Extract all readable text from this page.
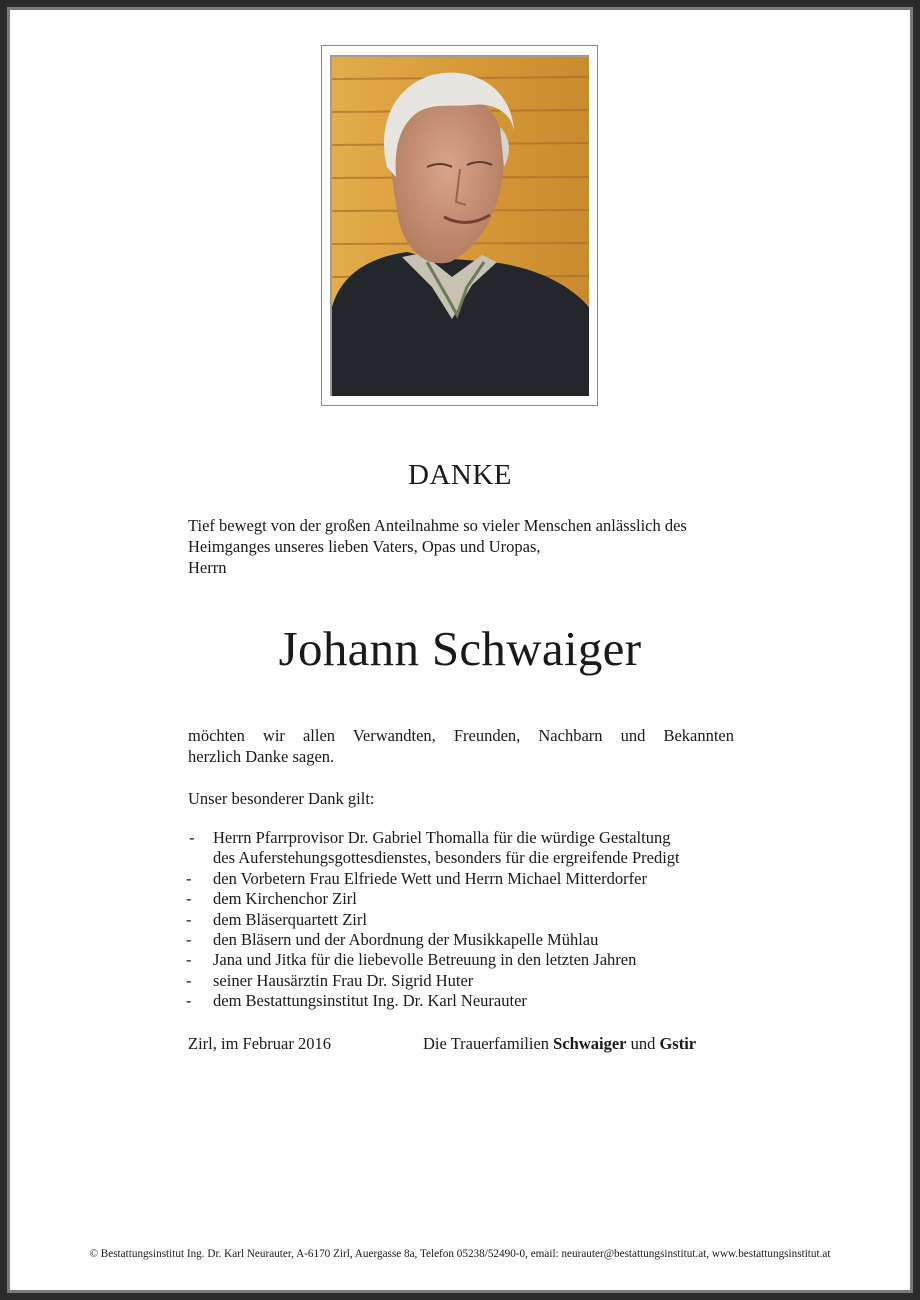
DANKE
Tief bewegt von der großen Anteilnahme so vieler Menschen anlässlich des
Heimganges unseres lieben Vaters, Opas und Uropas,
Herrn
Johann Schwaiger
möchten wir allen Verwandten, Freunden, Nachbarn und Bekannten
herzlich Danke sagen.
Unser besonderer Dank gilt:
- Herrn Pfarrprovisor Dr. Gabriel Thomalla für die würdige Gestaltung
des Auferstehungsgottesdienstes, besonders für die ergreifende Predigt
- den Vorbetern Frau Elfriede Wett und Herrn Michael Mitterdorfer
- dem Kirchenchor Zirl
- dem Bläserquartett Zirl
- den Bläsern und der Abordnung der Musikkapelle Mühlau
- Jana und Jitka für die liebevolle Betreuung in den letzten Jahren
- seiner Hausärztin Frau Dr. Sigrid Huter
- dem Bestattungsinstitut Ing. Dr. Karl Neurauter
Zirl, im Februar 2016	Die Trauerfamilien Schwaiger und Gstir
© Bestattungsinstitut Ing. Dr. Karl Neurauter, A-6170 Zirl, Auergasse 8a, Telefon 05238/52490-0, email: neurauter@bestattungsinstitut.at, www.bestattungsinstitut.at
